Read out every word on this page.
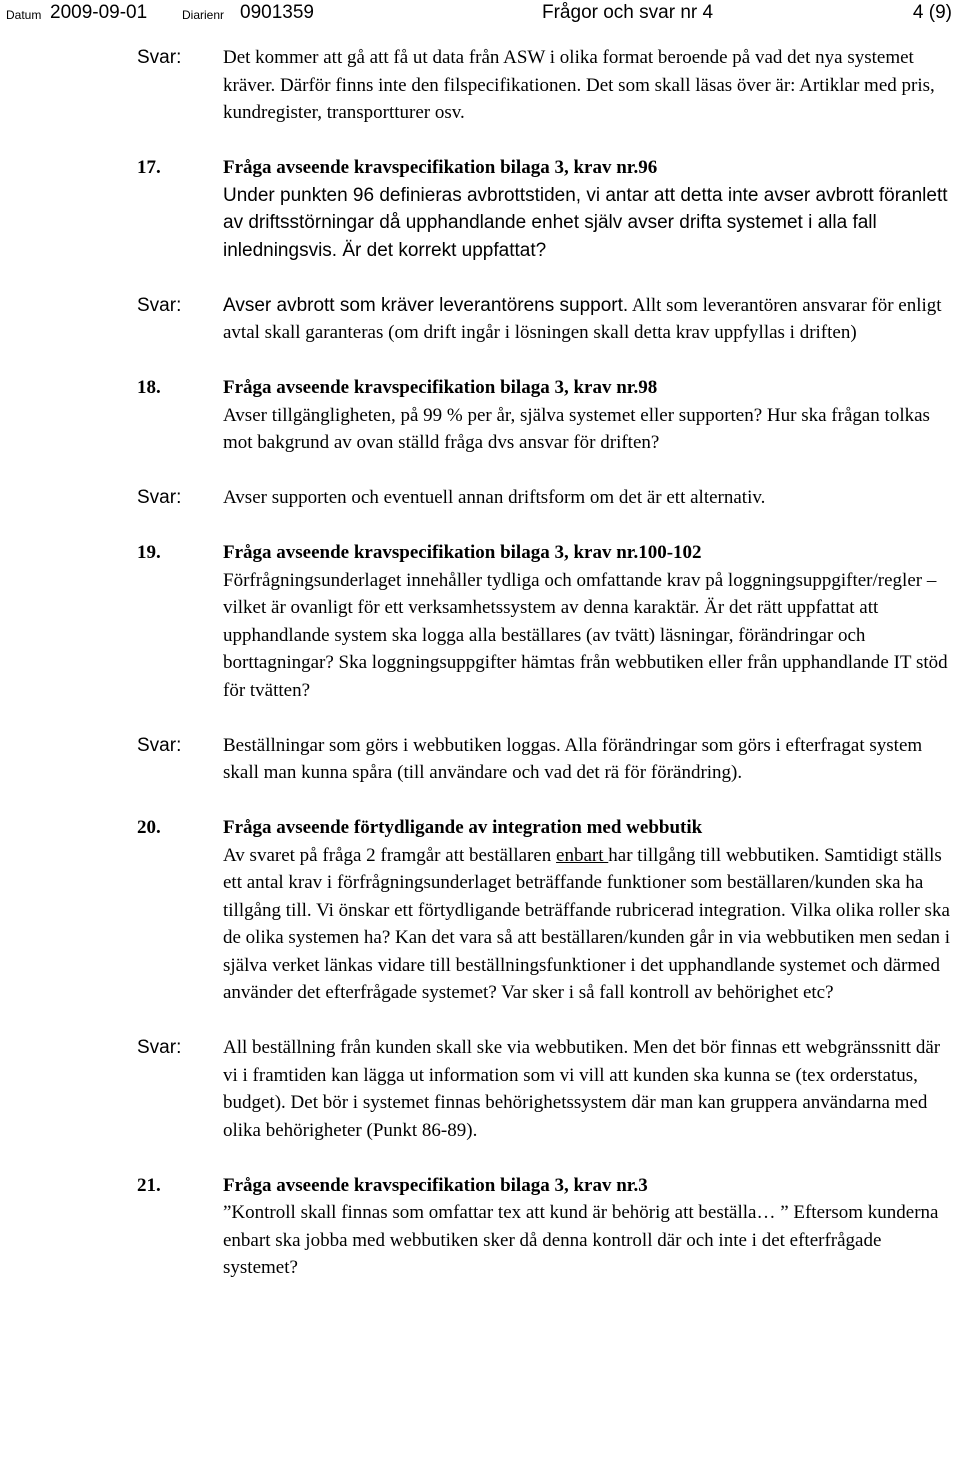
Datum 2009-09-01	Diarienr 0901359	Frågor och svar nr 4	4 (9)
Svar: Det kommer att gå att få ut data från ASW i olika format beroende på vad det nya systemet kräver. Därför finns inte den filspecifikationen. Det som skall läsas över är: Artiklar med pris, kundregister, transportturer osv.

17.	Fråga avseende kravspecifikation bilaga 3, krav nr.96

Under punkten 96 definieras avbrottstiden, vi antar att detta inte avser avbrott föranlett av driftsstörningar då upphandlande enhet själv avser drifta systemet i alla fall inledningsvis. Är det korrekt uppfattat?

Svar: Avser avbrott som kräver leverantörens support. Allt som leverantören ansvarar för enligt avtal skall garanteras (om drift ingår i lösningen skall detta krav uppfyllas i driften)

18.	Fråga avseende kravspecifikation bilaga 3, krav nr.98

Avser tillgängligheten, på 99 % per år, själva systemet eller supporten? Hur ska frågan tolkas mot bakgrund av ovan ställd fråga dvs ansvar för driften?

Svar: Avser supporten och eventuell annan driftsform om det är ett alternativ.

19.	Fråga avseende kravspecifikation bilaga 3, krav nr.100-102

Förfrågningsunderlaget innehåller tydliga och omfattande krav på loggningsuppgifter/regler – vilket är ovanligt för ett verksamhetssystem av denna karaktär. Är det rätt uppfattat att upphandlande system ska logga alla beställares (av tvätt) läsningar, förändringar och borttagningar? Ska loggningsuppgifter hämtas från webbutiken eller från upphandlande IT stöd för tvätten?

Svar: Beställningar som görs i webbutiken loggas. Alla förändringar som görs i efterfragat system skall man kunna spåra (till användare och vad det rä för förändring).

20.	Fråga avseende förtydligande av integration med webbutik

Av svaret på fråga 2 framgår att beställaren enbart har tillgång till webbutiken. Samtidigt ställs ett antal krav i förfrågningsunderlaget beträffande funktioner som beställaren/kunden ska ha tillgång till. Vi önskar ett förtydligande beträffande rubricerad integration. Vilka olika roller ska de olika systemen ha? Kan det vara så att beställaren/kunden går in via webbutiken men sedan i själva verket länkas vidare till beställningsfunktioner i det upphandlande systemet och därmed använder det efterfrågade systemet? Var sker i så fall kontroll av behörighet etc?

Svar: All beställning från kunden skall ske via webbutiken. Men det bör finnas ett webgränssnitt där vi i framtiden kan lägga ut information som vi vill att kunden ska kunna se (tex orderstatus, budget). Det bör i systemet finnas behörighetssystem där man kan gruppera användarna med olika behörigheter (Punkt 86-89).

21.	Fråga avseende kravspecifikation bilaga 3, krav nr.3

”Kontroll skall finnas som omfattar tex att kund är behörig att beställa… ” Eftersom kunderna enbart ska jobba med webbutiken sker då denna kontroll där och inte i det efterfrågade systemet?
